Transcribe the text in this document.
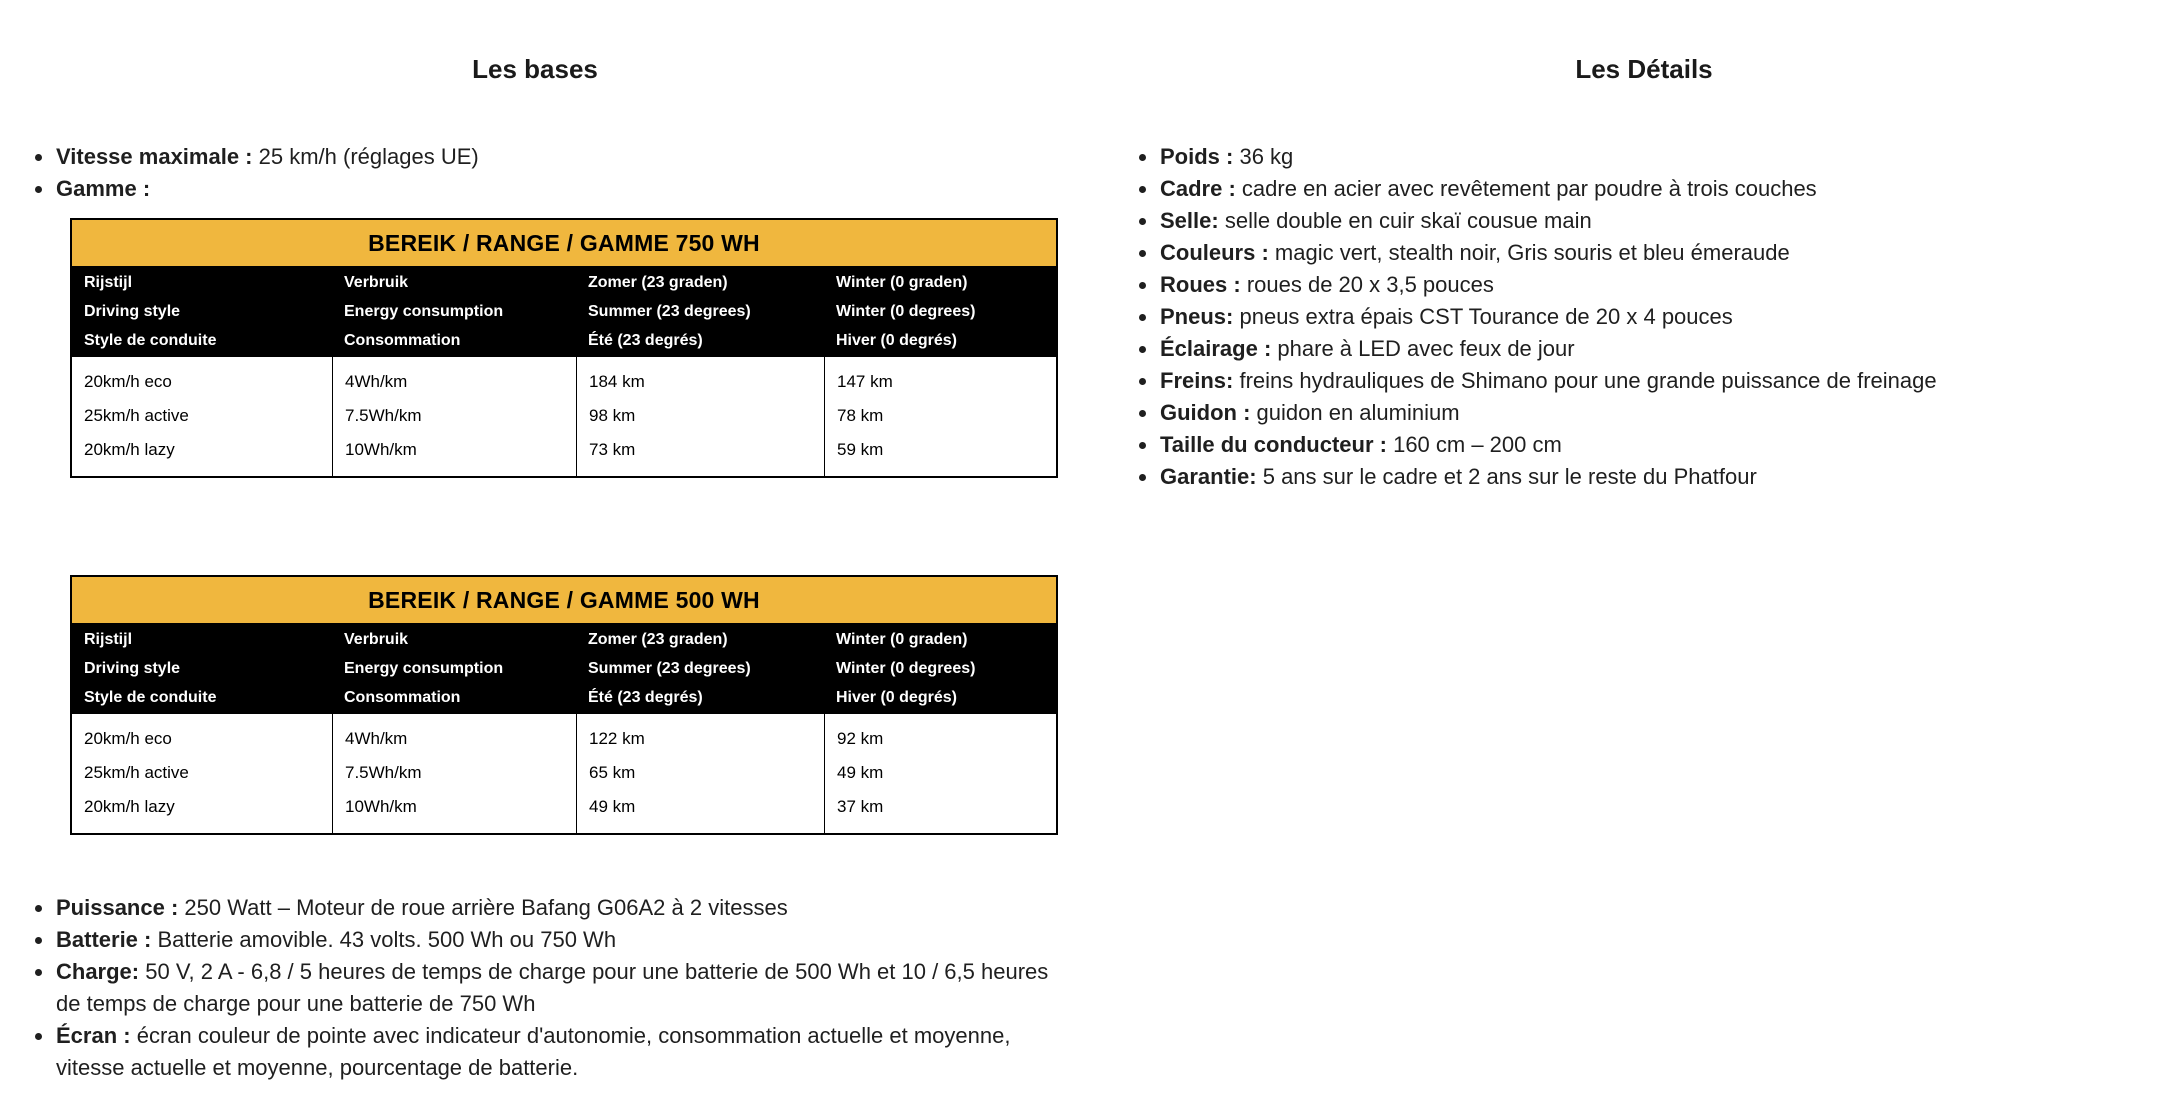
Les bases
Vitesse maximale : 25 km/h (réglages UE)
Gamme :
BEREIK / RANGE / GAMME 750 WH
Rijstijl
Driving style
Style de conduite
Verbruik
Energy consumption
Consommation
Zomer (23 graden)
Summer (23 degrees)
Été (23 degrés)
Winter (0 graden)
Winter (0 degrees)
Hiver (0 degrés)
20km/h eco
25km/h active
20km/h lazy
4Wh/km
7.5Wh/km
10Wh/km
184 km
98 km
73 km
147 km
78 km
59 km
BEREIK / RANGE / GAMME 500 WH
Rijstijl
Driving style
Style de conduite
Verbruik
Energy consumption
Consommation
Zomer (23 graden)
Summer (23 degrees)
Été (23 degrés)
Winter (0 graden)
Winter (0 degrees)
Hiver (0 degrés)
20km/h eco
25km/h active
20km/h lazy
4Wh/km
7.5Wh/km
10Wh/km
122 km
65 km
49 km
92 km
49 km
37 km
Puissance : 250 Watt – Moteur de roue arrière Bafang G06A2 à 2 vitesses
Batterie : Batterie amovible. 43 volts. 500 Wh ou 750 Wh
Charge: 50 V, 2 A - 6,8 / 5 heures de temps de charge pour une batterie de 500 Wh et 10 / 6,5 heures de temps de charge pour une batterie de 750 Wh
Écran : écran couleur de pointe avec indicateur d'autonomie, consommation actuelle et moyenne, vitesse actuelle et moyenne, pourcentage de batterie.
Les Détails
Poids : 36 kg
Cadre : cadre en acier avec revêtement par poudre à trois couches
Selle: selle double en cuir skaï cousue main
Couleurs : magic vert, stealth noir, Gris souris et bleu émeraude
Roues : roues de 20 x 3,5 pouces
Pneus: pneus extra épais CST Tourance de 20 x 4 pouces
Éclairage : phare à LED avec feux de jour
Freins: freins hydrauliques de Shimano pour une grande puissance de freinage
Guidon : guidon en aluminium
Taille du conducteur : 160 cm – 200 cm
Garantie: 5 ans sur le cadre et 2 ans sur le reste du Phatfour
